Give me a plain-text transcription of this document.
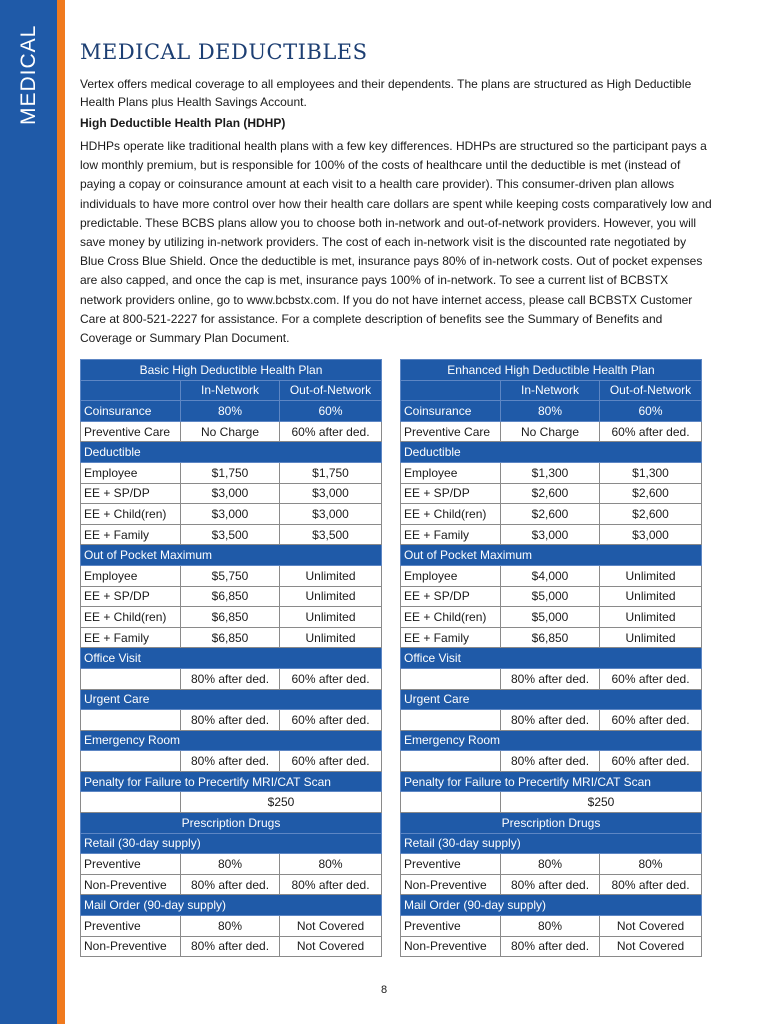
MEDICAL MEDICAL DEDUCTIBLES

Vertex offers medical coverage to all employees and their dependents. The plans are structured as High Deductible Health Plans plus Health Savings Account.

High Deductible Health Plan (HDHP)

HDHPs operate like traditional health plans with a few key differences. HDHPs are structured so the participant pays a low monthly premium, but is responsible for 100% of the costs of healthcare until the deductible is met (instead of paying a copay or coinsurance amount at each visit to a health care provider). This consumer-driven plan allows individuals to have more control over how their health care dollars are spent while keeping costs comparatively low and predictable. These BCBS plans allow you to choose both in-network and out-of-network providers. However, you will save money by utilizing in-network providers. The cost of each in-network visit is the discounted rate negotiated by Blue Cross Blue Shield. Once the deductible is met, insurance pays 80% of in-network costs. Out of pocket expenses are also capped, and once the cap is met, insurance pays 100% of in-network. To see a current list of BCBSTX network providers online, go to www.bcbstx.com. If you do not have internet access, please call BCBSTX Customer Care at 800-521-2227 for assistance. For a complete description of benefits see the Summary of Benefits and Coverage or Summary Plan Document.

Basic High Deductible Health Plan		
	In-Network	Out-of-Network
Coinsurance	80%	60%
Preventive Care	No Charge	60% after ded.
Deductible		
Employee	$1,750	$1,750
EE + SP/DP	$3,000	$3,000
EE + Child(ren)	$3,000	$3,000
EE + Family	$3,500	$3,500
Out of Pocket Maximum		
Employee	$5,750	Unlimited
EE + SP/DP	$6,850	Unlimited
EE + Child(ren)	$6,850	Unlimited
EE + Family	$6,850	Unlimited
Office Visit		
	80% after ded.	60% after ded.
Urgent Care		
	80% after ded.	60% after ded.
Emergency Room		
	80% after ded.	60% after ded.
Penalty for Failure to Precertify MRI/CAT Scan		
	$250	
Prescription Drugs		
Retail (30-day supply)		
Preventive	80%	80%
Non-Preventive	80% after ded.	80% after ded.
Mail Order (90-day supply)		
Preventive	80%	Not Covered
Non-Preventive	80% after ded.	Not Covered
Enhanced High Deductible Health Plan		
	In-Network	Out-of-Network
Coinsurance	80%	60%
Preventive Care	No Charge	60% after ded.
Deductible		
Employee	$1,300	$1,300
EE + SP/DP	$2,600	$2,600
EE + Child(ren)	$2,600	$2,600
EE + Family	$3,000	$3,000
Out of Pocket Maximum		
Employee	$4,000	Unlimited
EE + SP/DP	$5,000	Unlimited
EE + Child(ren)	$5,000	Unlimited
EE + Family	$6,850	Unlimited
Office Visit		
	80% after ded.	60% after ded.
Urgent Care		
	80% after ded.	60% after ded.
Emergency Room		
	80% after ded.	60% after ded.
Penalty for Failure to Precertify MRI/CAT Scan		
	$250	
Prescription Drugs		
Retail (30-day supply)		
Preventive	80%	80%
Non-Preventive	80% after ded.	80% after ded.
Mail Order (90-day supply)		
Preventive	80%	Not Covered
Non-Preventive	80% after ded.	Not Covered
8
